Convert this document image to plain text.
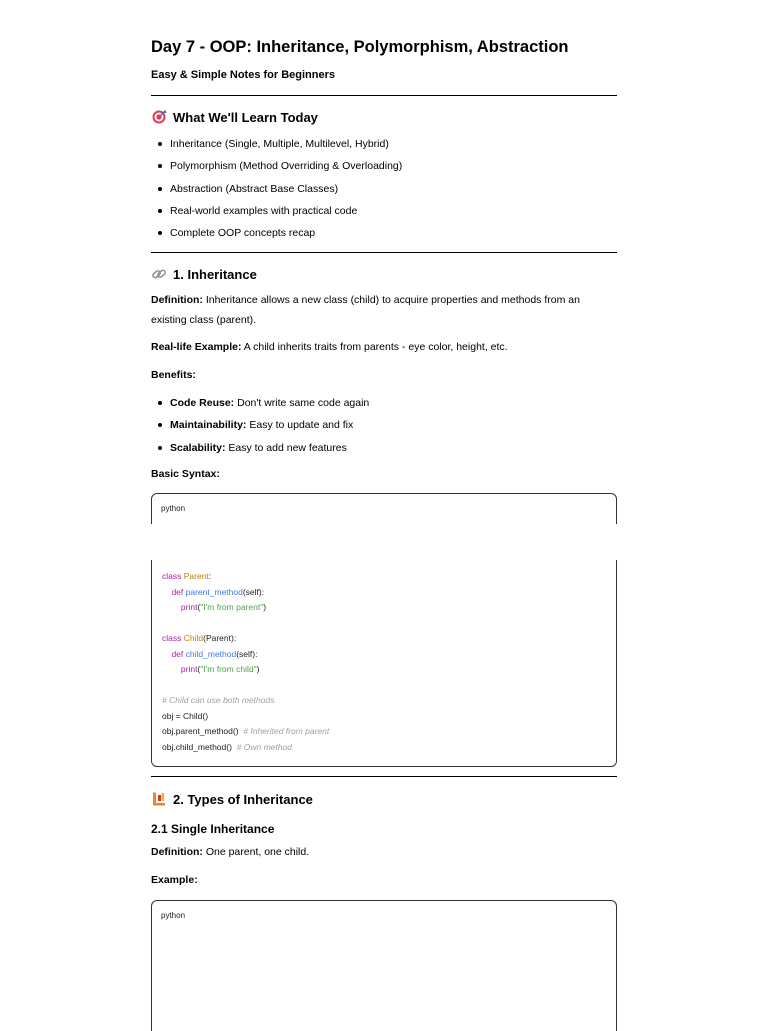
Day 7 - OOP: Inheritance, Polymorphism, Abstraction
Easy & Simple Notes for Beginners
What We'll Learn Today
Inheritance (Single, Multiple, Multilevel, Hybrid)
Polymorphism (Method Overriding & Overloading)
Abstraction (Abstract Base Classes)
Real-world examples with practical code
Complete OOP concepts recap
1. Inheritance
Definition: Inheritance allows a new class (child) to acquire properties and methods from an existing class (parent).
Real-life Example: A child inherits traits from parents - eye color, height, etc.
Benefits:
Code Reuse: Don't write same code again
Maintainability: Easy to update and fix
Scalability: Easy to add new features
Basic Syntax:
python
class Parent:
def parent_method(self):
print("I'm from parent")

class Child(Parent):
def child_method(self):
print("I'm from child")

# Child can use both methods
obj = Child()
obj.parent_method() # Inherited from parent
obj.child_method() # Own method
2. Types of Inheritance
2.1 Single Inheritance
Definition: One parent, one child.
Example:
python
